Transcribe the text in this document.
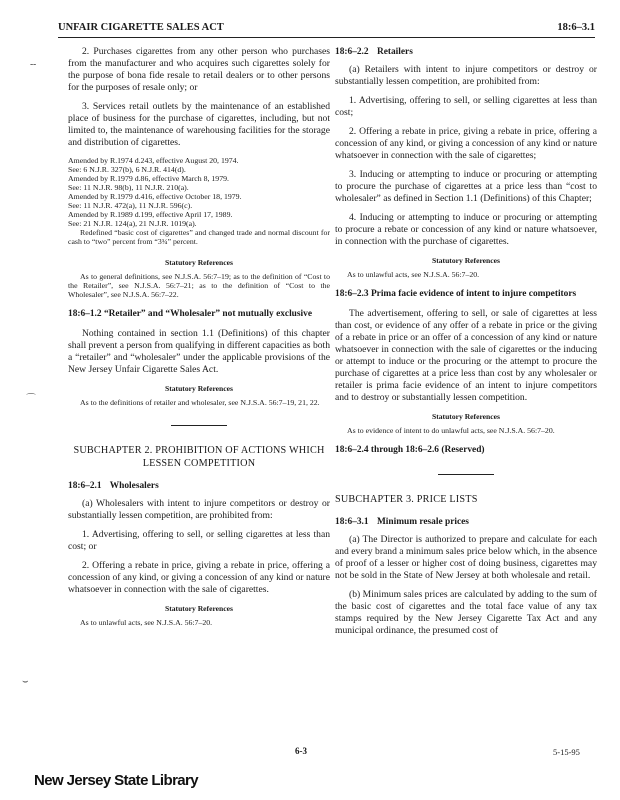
UNFAIR CIGARETTE SALES ACT	18:6–3.1
╌
⌒
⌣

2. Purchases cigarettes from any other person who purchases from the manufacturer and who acquires such cigarettes solely for the purpose of bona fide resale to retail dealers or to other persons for the purposes of resale only; or

3. Services retail outlets by the maintenance of an established place of business for the purchase of cigarettes, including, but not limited to, the maintenance of warehousing facilities for the storage and distribution of cigarettes.

Amended by R.1974 d.243, effective August 20, 1974.

See: 6 N.J.R. 327(b), 6 N.J.R. 414(d).

Amended by R.1979 d.86, effective March 8, 1979.

See: 11 N.J.R. 98(b), 11 N.J.R. 210(a).

Amended by R.1979 d.416, effective October 18, 1979.

See: 11 N.J.R. 472(a), 11 N.J.R. 596(c).

Amended by R.1989 d.199, effective April 17, 1989.

See: 21 N.J.R. 124(a), 21 N.J.R. 1019(a).

Redefined “basic cost of cigarettes” and changed trade and normal discount for cash to “two” percent from “3¾” percent.

Statutory References

As to general definitions, see N.J.S.A. 56:7–19; as to the definition of “Cost to the Retailer”, see N.J.S.A. 56:7–21; as to the definition of “Cost to the Wholesaler”, see N.J.S.A. 56:7–22.

18:6–1.2 “Retailer” and “Wholesaler” not mutually exclusive

Nothing contained in section 1.1 (Definitions) of this chapter shall prevent a person from qualifying in different capacities as both a “retailer” and “wholesaler” under the applicable provisions of the New Jersey Unfair Cigarette Sales Act.

Statutory References

As to the definitions of retailer and wholesaler, see N.J.S.A. 56:7–19, 21, 22.

SUBCHAPTER 2. PROHIBITION OF ACTIONS WHICH LESSEN COMPETITION
18:6–2.1 Wholesalers

(a) Wholesalers with intent to injure competitors or destroy or substantially lessen competition, are prohibited from:

1. Advertising, offering to sell, or selling cigarettes at less than cost; or

2. Offering a rebate in price, giving a rebate in price, offering a concession of any kind, or giving a concession of any kind or nature whatsoever in connection with the sale of cigarettes.

Statutory References

As to unlawful acts, see N.J.S.A. 56:7–20.

18:6–2.2 Retailers

(a) Retailers with intent to injure competitors or destroy or substantially lessen competition, are prohibited from:

1. Advertising, offering to sell, or selling cigarettes at less than cost;

2. Offering a rebate in price, giving a rebate in price, offering a concession of any kind, or giving a concession of any kind or nature whatsoever in connection with the sale of cigarettes;

3. Inducing or attempting to induce or procuring or attempting to procure the purchase of cigarettes at a price less than “cost to wholesaler” as defined in Section 1.1 (Definitions) of this Chapter;

4. Inducing or attempting to induce or procuring or attempting to procure a rebate or concession of any kind or nature whatsoever, in connection with the purchase of cigarettes.

Statutory References

As to unlawful acts, see N.J.S.A. 56:7–20.

18:6–2.3 Prima facie evidence of intent to injure competitors

The advertisement, offering to sell, or sale of cigarettes at less than cost, or evidence of any offer of a rebate in price or the giving of a rebate in price or an offer of a concession of any kind or nature whatsoever in connection with the sale of cigarettes or the inducing or attempt to induce or the procuring or the attempt to procure the purchase of cigarettes at a price less than cost by any wholesaler or retailer is prima facie evidence of an intent to injure competitors and to destroy or substantially lessen competition.

Statutory References

As to evidence of intent to do unlawful acts, see N.J.S.A. 56:7–20.

18:6–2.4 through 18:6–2.6 (Reserved)
SUBCHAPTER 3. PRICE LISTS
18:6–3.1 Minimum resale prices

(a) The Director is authorized to prepare and calculate for each and every brand a minimum sales price below which, in the absence of proof of a lesser or higher cost of doing business, cigarettes may not be sold in the State of New Jersey at both wholesale and retail.

(b) Minimum sales prices are calculated by adding to the sum of the basic cost of cigarettes and the total face value of any tax stamps required by the New Jersey Cigarette Tax Act and any municipal ordinance, the presumed cost of

6-3	5-15-95
New Jersey State Library
